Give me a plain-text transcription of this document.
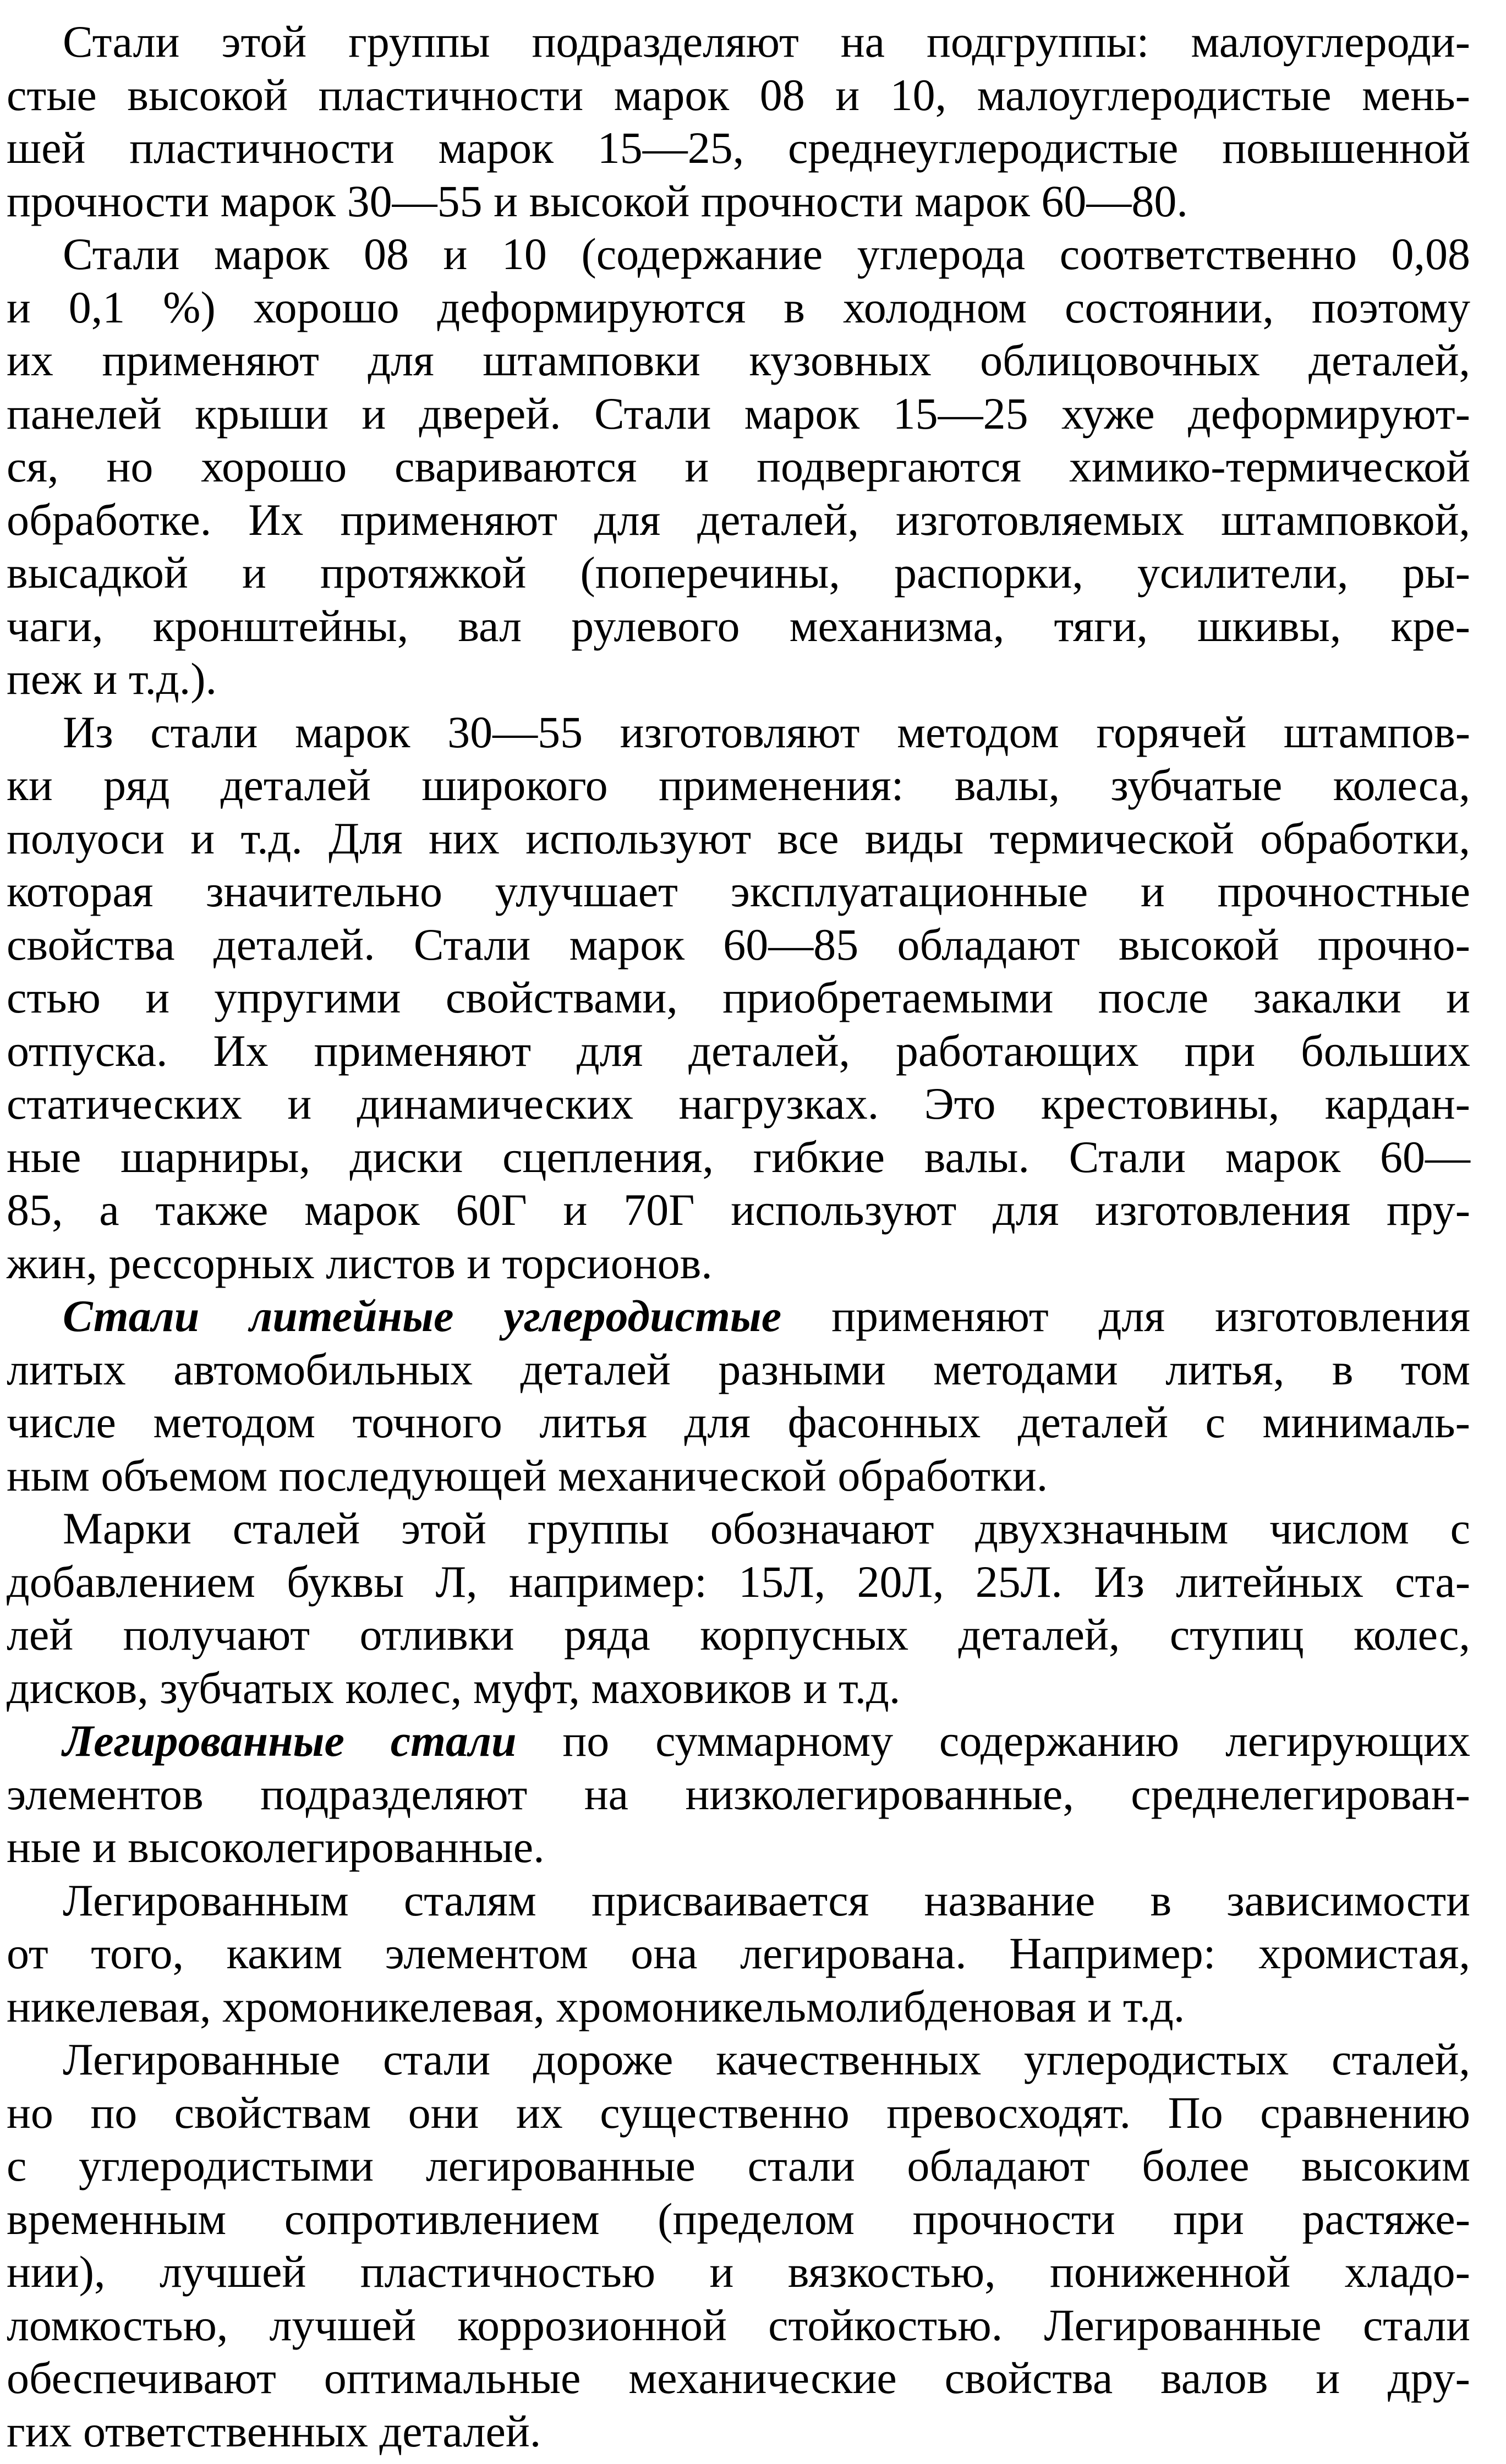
Стали этой группы подразделяют на подгруппы: малоуглероди-
стые высокой пластичности марок 08 и 10, малоуглеродистые мень-
шей пластичности марок 15—25, среднеуглеродистые повышенной
прочности марок 30—55 и высокой прочности марок 60—80.
Стали марок 08 и 10 (содержание углерода соответственно 0,08
и 0,1 %) хорошо деформируются в холодном состоянии, поэтому
их применяют для штамповки кузовных облицовочных деталей,
панелей крыши и дверей. Стали марок 15—25 хуже деформируют-
ся, но хорошо свариваются и подвергаются химико-термической
обработке. Их применяют для деталей, изготовляемых штамповкой,
высадкой и протяжкой (поперечины, распорки, усилители, ры-
чаги, кронштейны, вал рулевого механизма, тяги, шкивы, кре-
пеж и т.д.).
Из стали марок 30—55 изготовляют методом горячей штампов-
ки ряд деталей широкого применения: валы, зубчатые колеса,
полуоси и т.д. Для них используют все виды термической обработки,
которая значительно улучшает эксплуатационные и прочностные
свойства деталей. Стали марок 60—85 обладают высокой прочно-
стью и упругими свойствами, приобретаемыми после закалки и
отпуска. Их применяют для деталей, работающих при больших
статических и динамических нагрузках. Это крестовины, кардан-
ные шарниры, диски сцепления, гибкие валы. Стали марок 60—
85, а также марок 60Г и 70Г используют для изготовления пру-
жин, рессорных листов и торсионов.
Стали литейные углеродистые применяют для изготовления
литых автомобильных деталей разными методами литья, в том
числе методом точного литья для фасонных деталей с минималь-
ным объемом последующей механической обработки.
Марки сталей этой группы обозначают двухзначным числом с
добавлением буквы Л, например: 15Л, 20Л, 25Л. Из литейных ста-
лей получают отливки ряда корпусных деталей, ступиц колес,
дисков, зубчатых колес, муфт, маховиков и т.д.
Легированные стали по суммарному содержанию легирующих
элементов подразделяют на низколегированные, среднелегирован-
ные и высоколегированные.
Легированным сталям присваивается название в зависимости
от того, каким элементом она легирована. Например: хромистая,
никелевая, хромоникелевая, хромоникельмолибденовая и т.д.
Легированные стали дороже качественных углеродистых сталей,
но по свойствам они их существенно превосходят. По сравнению
с углеродистыми легированные стали обладают более высоким
временным сопротивлением (пределом прочности при растяже-
нии), лучшей пластичностью и вязкостью, пониженной хладо-
ломкостью, лучшей коррозионной стойкостью. Легированные стали
обеспечивают оптимальные механические свойства валов и дру-
гих ответственных деталей.
